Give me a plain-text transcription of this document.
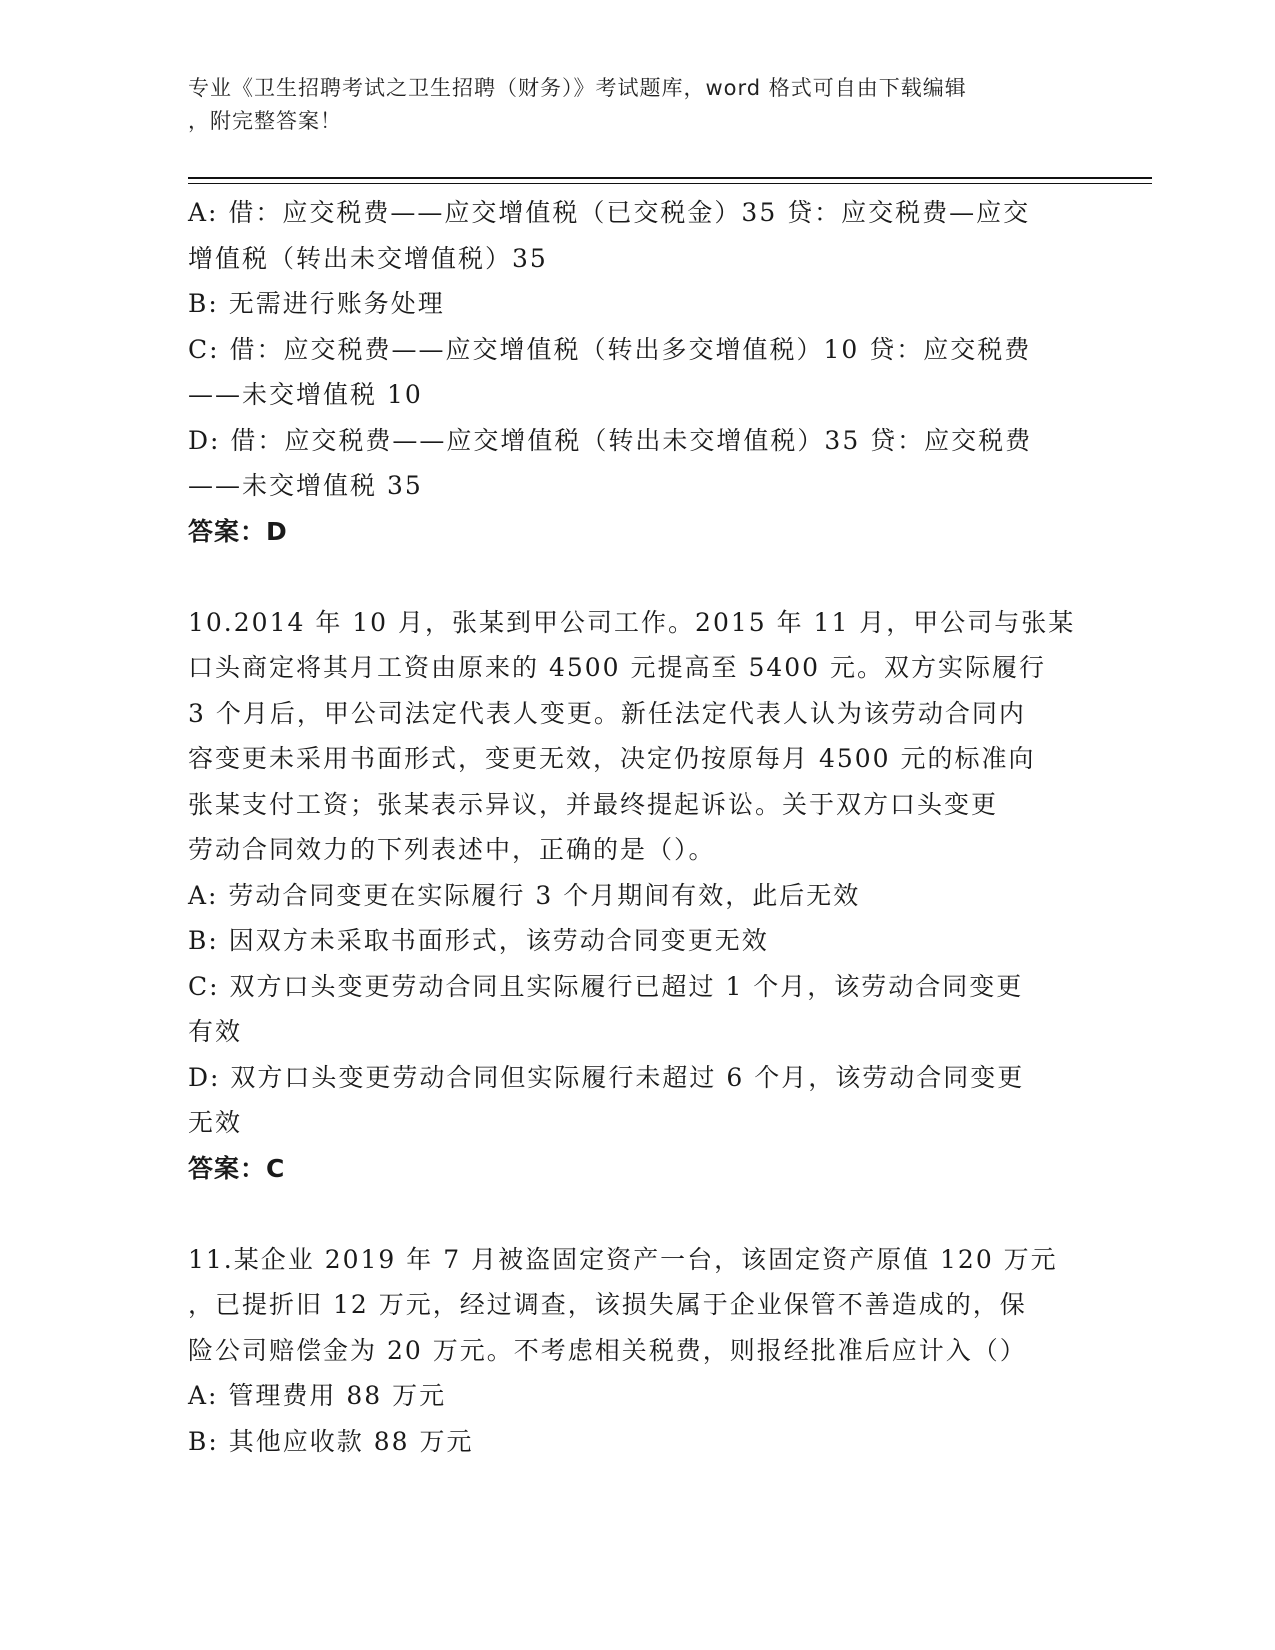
专业《卫生招聘考试之卫生招聘（财务）》考试题库，word 格式可自由下载编辑
，附完整答案！

A: 借：应交税费——应交增值税（已交税金）35 贷：应交税费—应交

增值税（转出未交增值税）35

B: 无需进行账务处理

C: 借：应交税费——应交增值税（转出多交增值税）10 贷：应交税费

——未交增值税 10

D: 借：应交税费——应交增值税（转出未交增值税）35 贷：应交税费

——未交增值税 35

答案：D

10.2014 年 10 月，张某到甲公司工作。2015 年 11 月，甲公司与张某

口头商定将其月工资由原来的 4500 元提高至 5400 元。双方实际履行

3 个月后，甲公司法定代表人变更。新任法定代表人认为该劳动合同内

容变更未采用书面形式，变更无效，决定仍按原每月 4500 元的标准向

张某支付工资；张某表示异议，并最终提起诉讼。关于双方口头变更

劳动合同效力的下列表述中，正确的是（）。

A: 劳动合同变更在实际履行 3 个月期间有效，此后无效

B: 因双方未采取书面形式，该劳动合同变更无效

C: 双方口头变更劳动合同且实际履行已超过 1 个月，该劳动合同变更

有效

D: 双方口头变更劳动合同但实际履行未超过 6 个月，该劳动合同变更

无效

答案：C

11.某企业 2019 年 7 月被盗固定资产一台，该固定资产原值 120 万元

，已提折旧 12 万元，经过调查，该损失属于企业保管不善造成的，保

险公司赔偿金为 20 万元。不考虑相关税费，则报经批准后应计入（）

A: 管理费用 88 万元

B: 其他应收款 88 万元
